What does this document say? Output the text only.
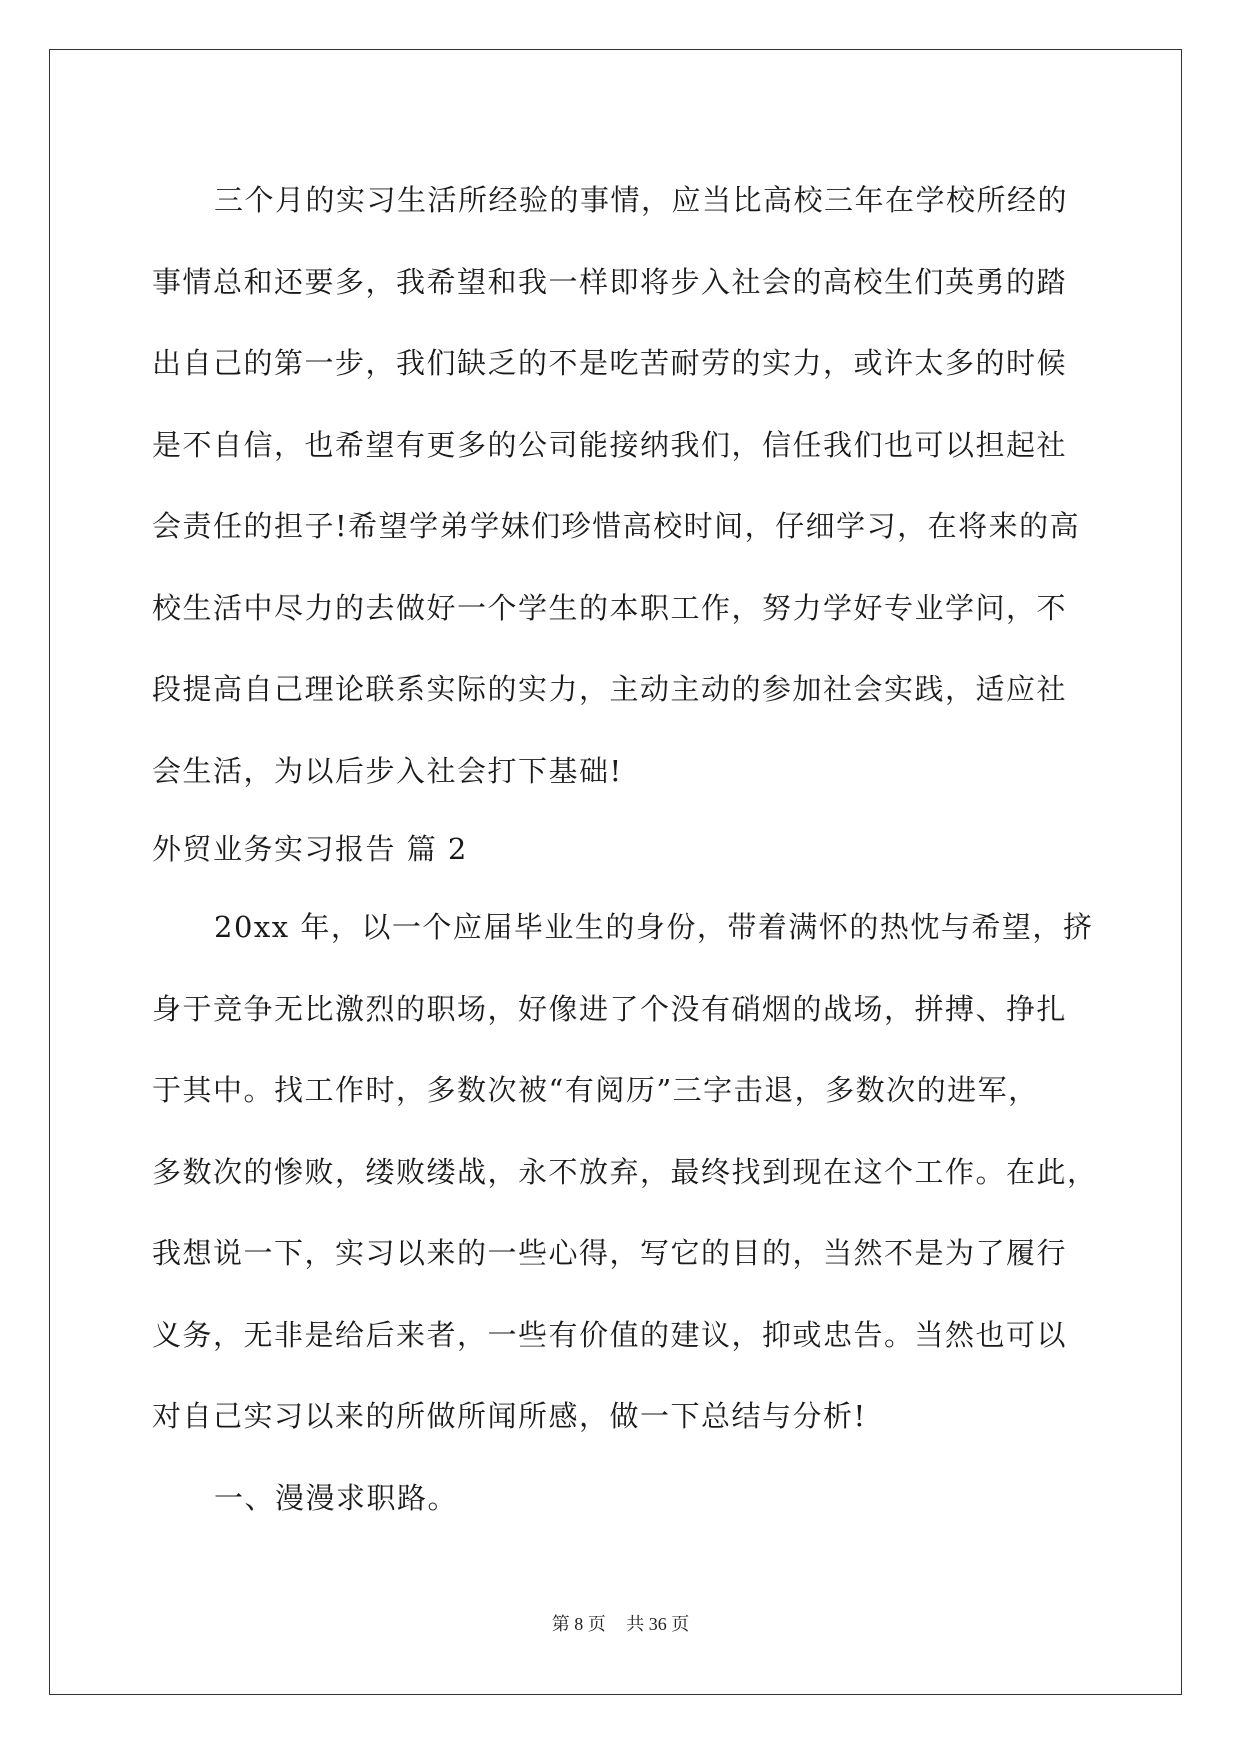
三个月的实习生活所经验的事情，应当比高校三年在学校所经的
事情总和还要多，我希望和我一样即将步入社会的高校生们英勇的踏
出自己的第一步，我们缺乏的不是吃苦耐劳的实力，或许太多的时候
是不自信，也希望有更多的公司能接纳我们，信任我们也可以担起社
会责任的担子!希望学弟学妹们珍惜高校时间，仔细学习，在将来的高
校生活中尽力的去做好一个学生的本职工作，努力学好专业学问，不
段提高自己理论联系实际的实力，主动主动的参加社会实践，适应社
会生活，为以后步入社会打下基础!
外贸业务实习报告 篇 2
20xx 年，以一个应届毕业生的身份，带着满怀的热忱与希望，挤
身于竞争无比激烈的职场，好像进了个没有硝烟的战场，拼搏、挣扎
于其中。找工作时，多数次被“有阅历”三字击退，多数次的进军，
多数次的惨败，缕败缕战，永不放弃，最终找到现在这个工作。在此，
我想说一下，实习以来的一些心得，写它的目的，当然不是为了履行
义务，无非是给后来者，一些有价值的建议，抑或忠告。当然也可以
对自己实习以来的所做所闻所感，做一下总结与分析!
一、漫漫求职路。
第 8 页 共 36 页
